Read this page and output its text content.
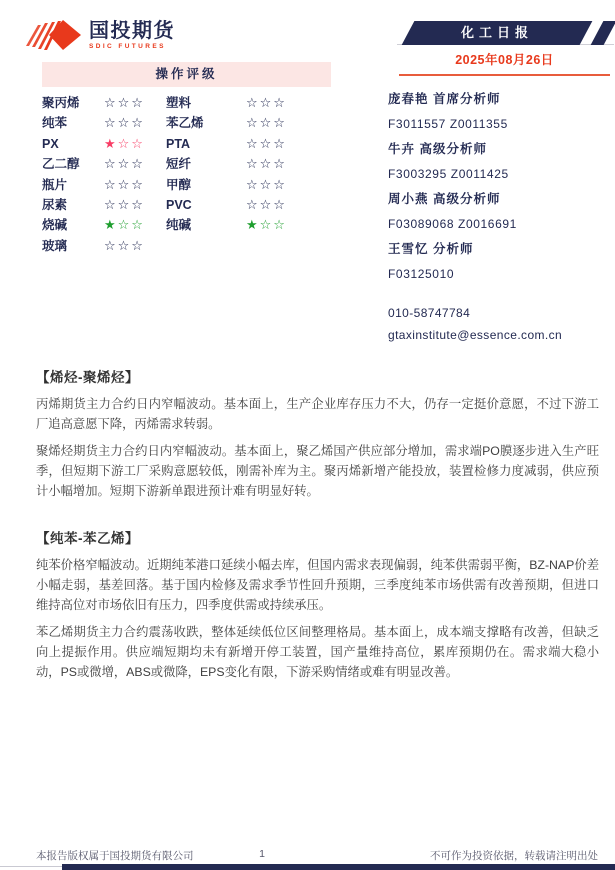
国投期货
SDIC FUTURES
化工日报
2025年08月26日
操作评级
聚丙烯	☆☆☆	塑料	☆☆☆
纯苯	☆☆☆	苯乙烯	☆☆☆
PX	★☆☆	PTA	☆☆☆
乙二醇	☆☆☆	短纤	☆☆☆
瓶片	☆☆☆	甲醇	☆☆☆
尿素	☆☆☆	PVC	☆☆☆
烧碱	★☆☆	纯碱	★☆☆
玻璃	☆☆☆
庞春艳 首席分析师
F3011557 Z0011355
牛卉 高级分析师
F3003295 Z0011425
周小燕 高级分析师
F03089068 Z0016691
王雪忆 分析师
F03125010
010-58747784
gtaxinstitute@essence.com.cn
【烯烃-聚烯烃】

丙烯期货主力合约日内窄幅波动。基本面上，生产企业库存压力不大，仍存一定挺价意愿，不过下游工厂追高意愿下降，丙烯需求转弱。

聚烯烃期货主力合约日内窄幅波动。基本面上，聚乙烯国产供应部分增加，需求端PO膜逐步进入生产旺季，但短期下游工厂采购意愿较低，刚需补库为主。聚丙烯新增产能投放，装置检修力度减弱，供应预计小幅增加。短期下游新单跟进预计难有明显好转。

【纯苯-苯乙烯】

纯苯价格窄幅波动。近期纯苯港口延续小幅去库，但国内需求表现偏弱，纯苯供需弱平衡，BZ-NAP价差小幅走弱，基差回落。基于国内检修及需求季节性回升预期，三季度纯苯市场供需有改善预期，但进口维持高位对市场依旧有压力，四季度供需或持续承压。

苯乙烯期货主力合约震荡收跌，整体延续低位区间整理格局。基本面上，成本端支撑略有改善，但缺乏向上提振作用。供应端短期均未有新增开停工装置，国产量维持高位，累库预期仍在。需求端大稳小动，PS或微增，ABS或微降，EPS变化有限，下游采购情绪或难有明显改善。

本报告版权属于国投期货有限公司	1	不可作为投资依据，转载请注明出处
